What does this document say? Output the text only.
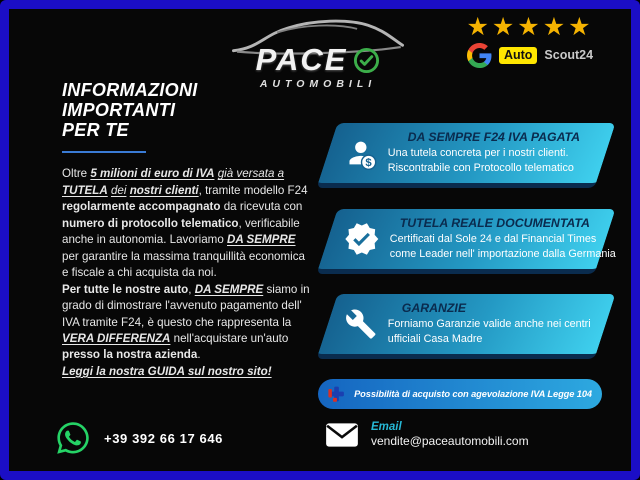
PACE
AUTOMOBILI
★★★★★
Auto Scout24
INFORMAZIONI
IMPORTANTI
PER TE
Oltre 5 milioni di euro di IVA già versata a TUTELA dei nostri clienti, tramite modello F24 regolarmente accompagnato da ricevuta con numero di protocollo telematico, verificabile anche in autonomia. Lavoriamo DA SEMPRE per garantire la massima tranquillità economica e fiscale a chi acquista da noi.
Per tutte le nostre auto, DA SEMPRE siamo in grado di dimostrare l'avvenuto pagamento dell' IVA tramite F24, è questo che rappresenta la VERA DIFFERENZA nell'acquistare un'auto presso la nostra azienda.
Leggi la nostra GUIDA sul nostro sito!
$
DA SEMPRE F24 IVA PAGATA
Una tutela concreta per i nostri clienti.
Riscontrabile con Protocollo telematico
TUTELA REALE DOCUMENTATA
Certificati dal Sole 24 e dal Financial Times
come Leader nell' importazione dalla Germania
GARANZIE
Forniamo Garanzie valide anche nei centri
ufficiali Casa Madre
Possibilità di acquisto con agevolazione IVA Legge 104
+39 392 66 17 646
Email
vendite@paceautomobili.com
